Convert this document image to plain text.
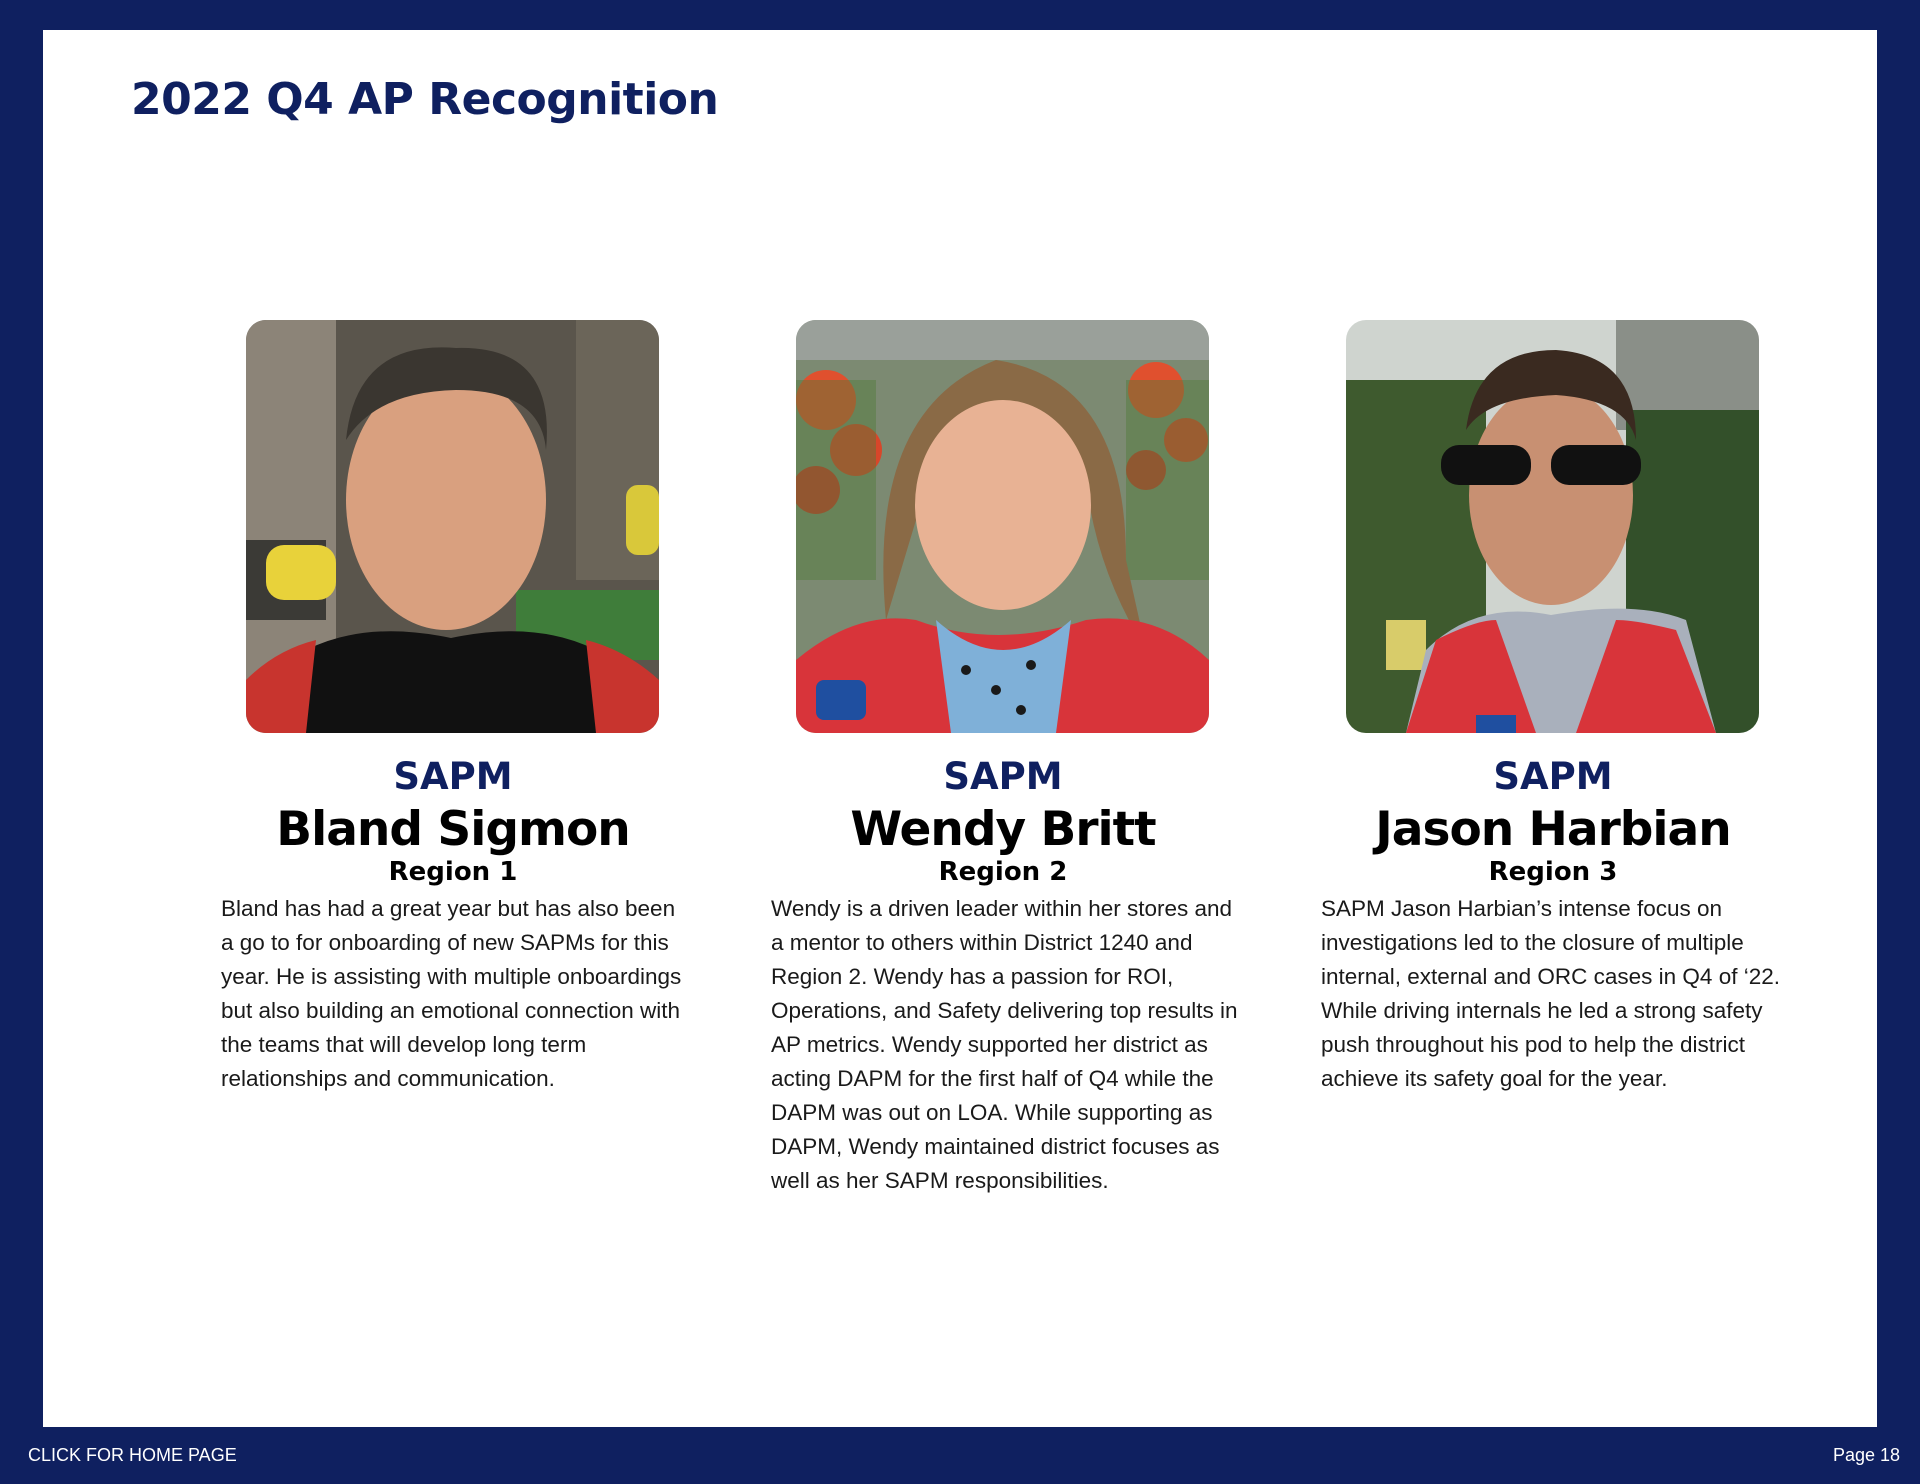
2022 Q4 AP Recognition

SAPM

Bland Sigmon

Region 1

Bland has had a great year but has also been a go to for onboarding of new SAPMs for this year. He is assisting with multiple onboardings but also building an emotional connection with the teams that will develop long term relationships and communication.

SAPM

Wendy Britt

Region 2

Wendy is a driven leader within her stores and a mentor to others within District 1240 and Region 2. Wendy has a passion for ROI, Operations, and Safety delivering top results in AP metrics. Wendy supported her district as acting DAPM for the first half of Q4 while the DAPM was out on LOA. While supporting as DAPM, Wendy maintained district focuses as well as her SAPM responsibilities.

SAPM

Jason Harbian

Region 3

SAPM Jason Harbian’s intense focus on investigations led to the closure of multiple internal, external and ORC cases in Q4 of ‘22. While driving internals he led a strong safety push throughout his pod to help the district achieve its safety goal for the year.

CLICK FOR HOME PAGE	Page 18
